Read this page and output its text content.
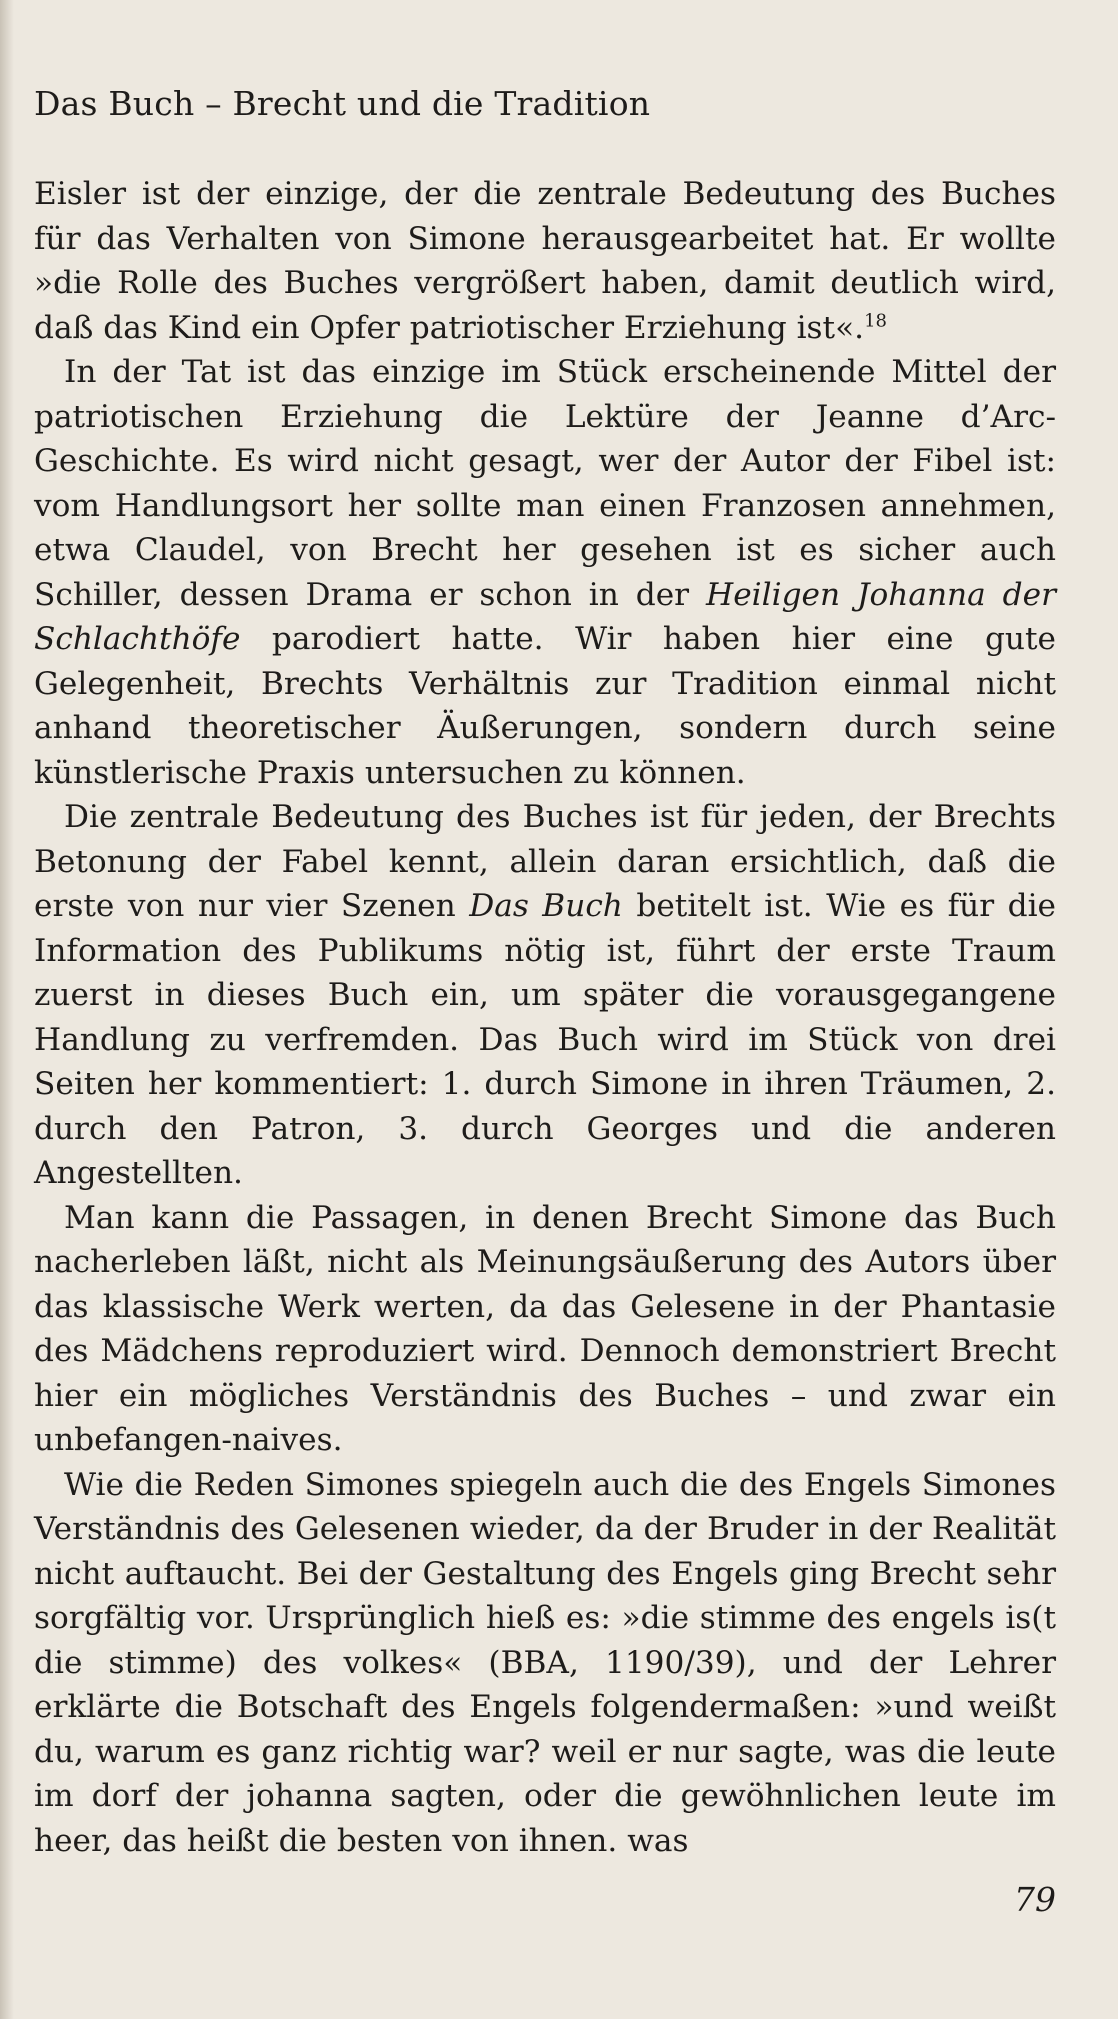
Das Buch – Brecht und die Tradition

Eisler ist der einzige, der die zentrale Bedeutung des Buches für das Verhalten von Simone herausgearbeitet hat. Er wollte »die Rolle des Buches vergrößert haben, damit deutlich wird, daß das Kind ein Opfer patriotischer Erziehung ist«.$^{18}$

In der Tat ist das einzige im Stück erscheinende Mittel der patriotischen Erziehung die Lektüre der Jeanne d’Arc-Geschichte. Es wird nicht gesagt, wer der Autor der Fibel ist: vom Handlungsort her sollte man einen Franzosen annehmen, etwa Claudel, von Brecht her gesehen ist es sicher auch Schiller, dessen Drama er schon in der Heiligen Johanna der Schlachthöfe parodiert hatte. Wir haben hier eine gute Gelegenheit, Brechts Verhältnis zur Tradition einmal nicht anhand theoretischer Äußerungen, sondern durch seine künstlerische Praxis untersuchen zu können.

Die zentrale Bedeutung des Buches ist für jeden, der Brechts Betonung der Fabel kennt, allein daran ersichtlich, daß die erste von nur vier Szenen Das Buch betitelt ist. Wie es für die Information des Publikums nötig ist, führt der erste Traum zuerst in dieses Buch ein, um später die vorausgegangene Handlung zu verfremden. Das Buch wird im Stück von drei Seiten her kommentiert: 1. durch Simone in ihren Träumen, 2. durch den Patron, 3. durch Georges und die anderen Angestellten.

Man kann die Passagen, in denen Brecht Simone das Buch nacherleben läßt, nicht als Meinungsäußerung des Autors über das klassische Werk werten, da das Gelesene in der Phantasie des Mädchens reproduziert wird. Dennoch demonstriert Brecht hier ein mögliches Verständnis des Buches – und zwar ein unbefangen-naives.

Wie die Reden Simones spiegeln auch die des Engels Simones Verständnis des Gelesenen wieder, da der Bruder in der Realität nicht auftaucht. Bei der Gestaltung des Engels ging Brecht sehr sorgfältig vor. Ursprünglich hieß es: »die stimme des engels is(t die stimme) des volkes« (BBA, 1190/39), und der Lehrer erklärte die Botschaft des Engels folgendermaßen: »und weißt du, warum es ganz richtig war? weil er nur sagte, was die leute im dorf der johanna sagten, oder die gewöhnlichen leute im heer, das heißt die besten von ihnen. was

79
